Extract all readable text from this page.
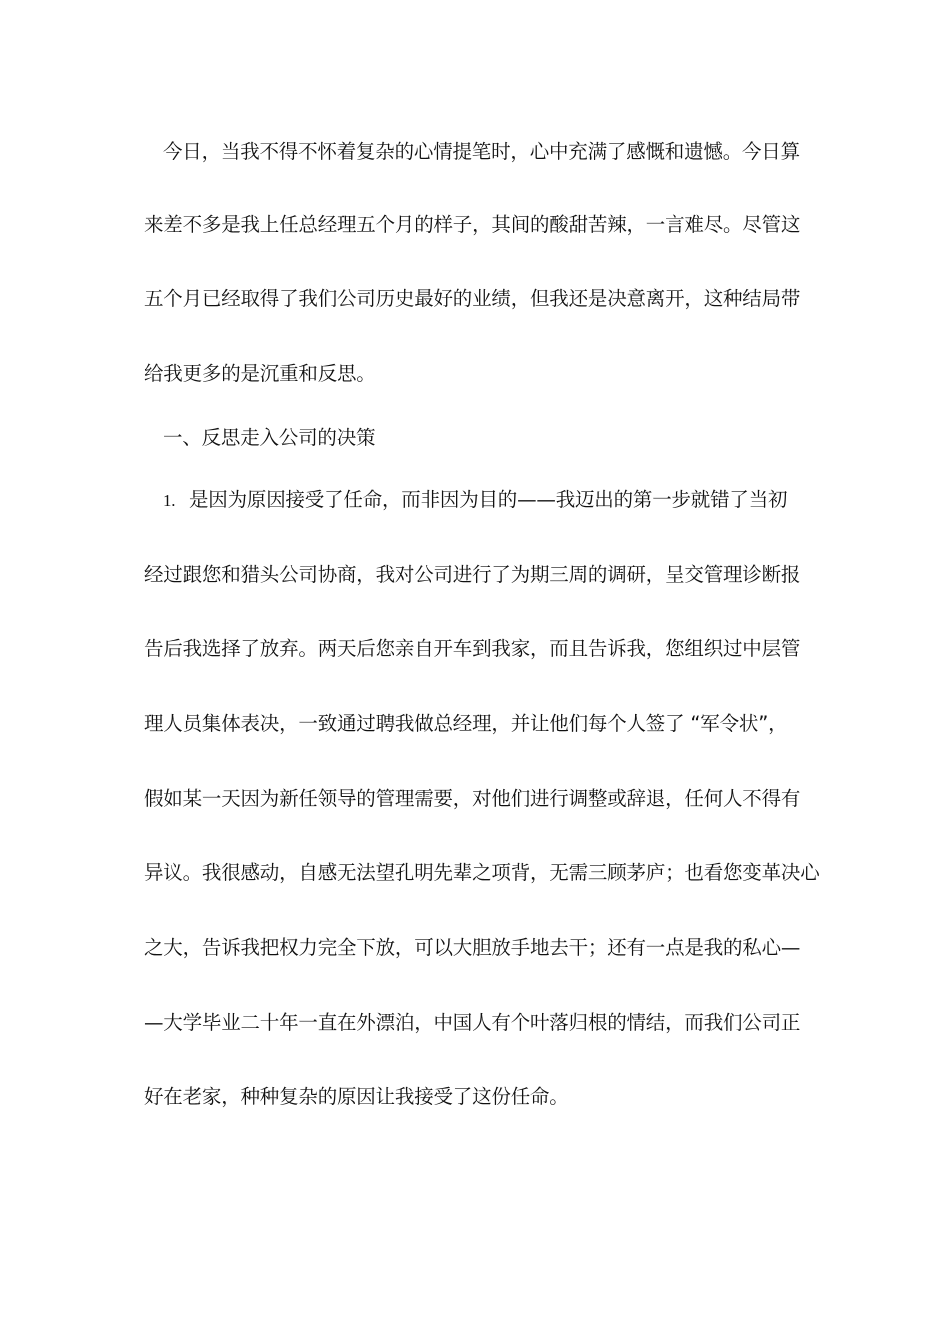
今日，当我不得不怀着复杂的心情提笔时，心中充满了感慨和遗憾。今日算
来差不多是我上任总经理五个月的样子，其间的酸甜苦辣，一言难尽。尽管这
五个月已经取得了我们公司历史最好的业绩，但我还是决意离开，这种结局带
给我更多的是沉重和反思。
一、反思走入公司的决策
1. 是因为原因接受了任命，而非因为目的——我迈出的第一步就错了当初
经过跟您和猎头公司协商，我对公司进行了为期三周的调研，呈交管理诊断报
告后我选择了放弃。两天后您亲自开车到我家，而且告诉我，您组织过中层管
理人员集体表决，一致通过聘我做总经理，并让他们每个人签了 “军令状”，
假如某一天因为新任领导的管理需要，对他们进行调整或辞退，任何人不得有
异议。我很感动，自感无法望孔明先辈之项背，无需三顾茅庐；也看您变革决心
之大，告诉我把权力完全下放，可以大胆放手地去干；还有一点是我的私心—
—大学毕业二十年一直在外漂泊，中国人有个叶落归根的情结，而我们公司正
好在老家，种种复杂的原因让我接受了这份任命。
